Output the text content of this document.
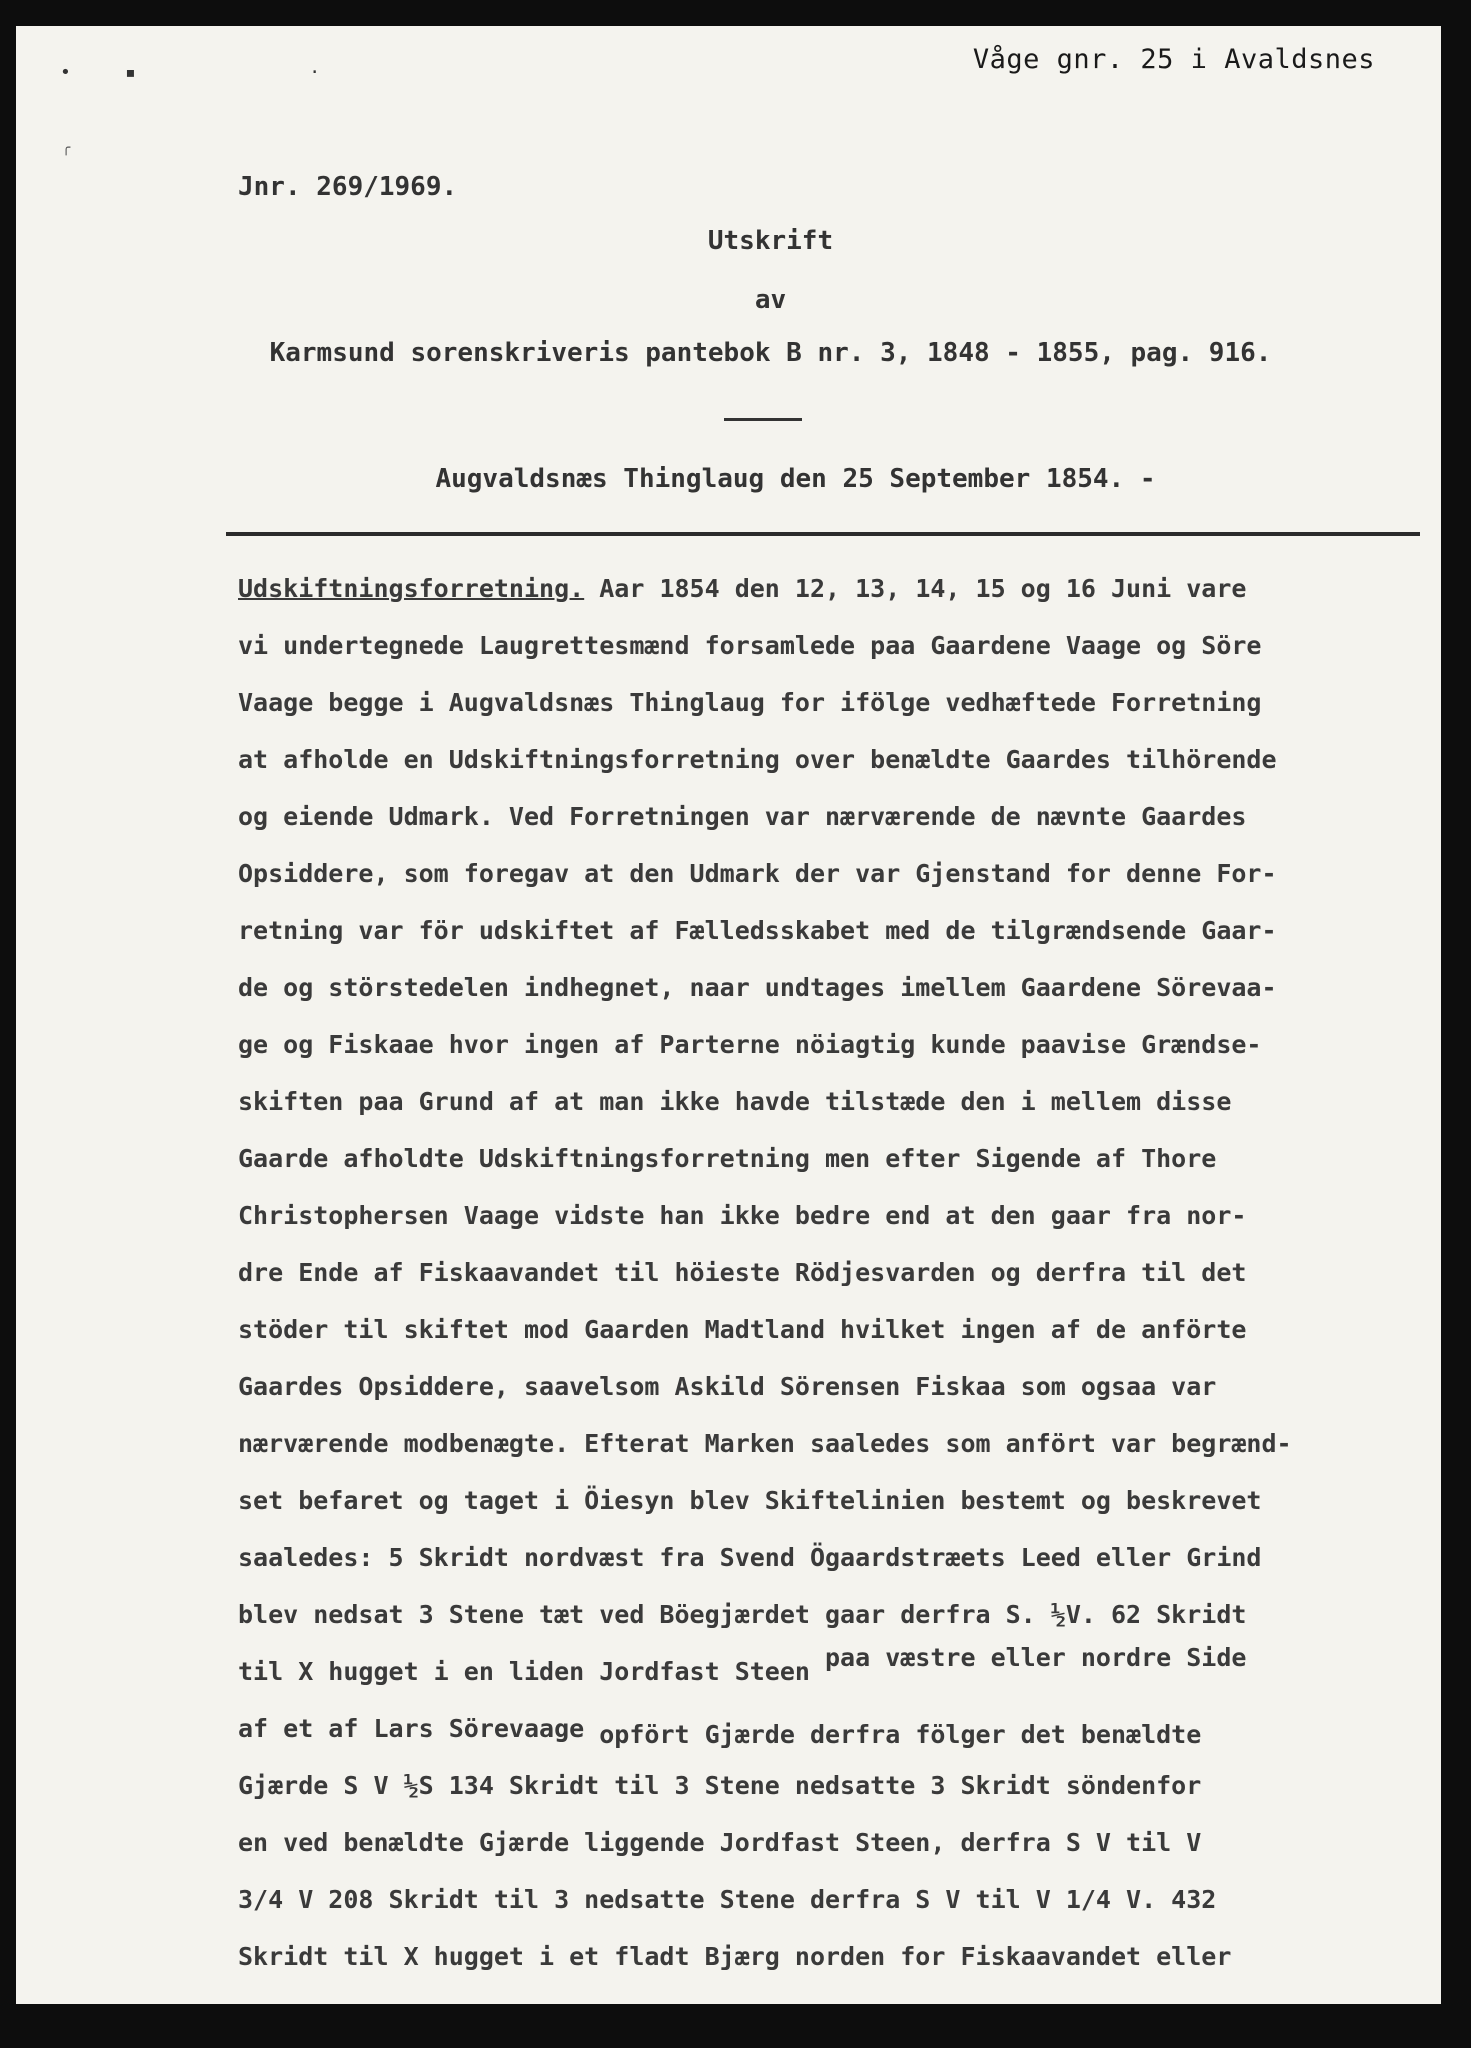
•     ▪                ·
╭
Våge gnr. 25 i Avaldsnes
Jnr. 269/1969.
Utskrift
av
Karmsund sorenskriveris pantebok B nr. 3, 1848 - 1855, pag. 916.
Augvaldsnæs Thinglaug den 25 September 1854. -
Udskiftningsforretning. Aar 1854 den 12, 13, 14, 15 og 16 Juni vare
vi undertegnede Laugrettesmænd forsamlede paa Gaardene Vaage og Söre
Vaage begge i Augvaldsnæs Thinglaug for ifölge vedhæftede Forretning
at afholde en Udskiftningsforretning over benældte Gaardes tilhörende
og eiende Udmark. Ved Forretningen var nærværende de nævnte Gaardes
Opsiddere, som foregav at den Udmark der var Gjenstand for denne For-
retning var för udskiftet af Fælledsskabet med de tilgrændsende Gaar-
de og störstedelen indhegnet, naar undtages imellem Gaardene Sörevaa-
ge og Fiskaae hvor ingen af Parterne nöiagtig kunde paavise Grændse-
skiften paa Grund af at man ikke havde tilstæde den i mellem disse
Gaarde afholdte Udskiftningsforretning men efter Sigende af Thore
Christophersen Vaage vidste han ikke bedre end at den gaar fra nor-
dre Ende af Fiskaavandet til höieste Rödjesvarden og derfra til det
stöder til skiftet mod Gaarden Madtland hvilket ingen af de anförte
Gaardes Opsiddere, saavelsom Askild Sörensen Fiskaa som ogsaa var
nærværende modbenægte. Efterat Marken saaledes som anfört var begrænd-
set befaret og taget i Öiesyn blev Skiftelinien bestemt og beskrevet
saaledes: 5 Skridt nordvæst fra Svend Ögaardstræets Leed eller Grind
blev nedsat 3 Stene tæt ved Böegjærdet gaar derfra S. ½V. 62 Skridt
til X hugget i en liden Jordfast Steen paa væstre eller nordre Side
af et af Lars Sörevaage opfört Gjærde derfra fölger det benældte
Gjærde S V ½S 134 Skridt til 3 Stene nedsatte 3 Skridt söndenfor
en ved benældte Gjærde liggende Jordfast Steen, derfra S V til V
3/4 V 208 Skridt til 3 nedsatte Stene derfra S V til V 1/4 V. 432
Skridt til X hugget i et fladt Bjærg norden for Fiskaavandet eller
